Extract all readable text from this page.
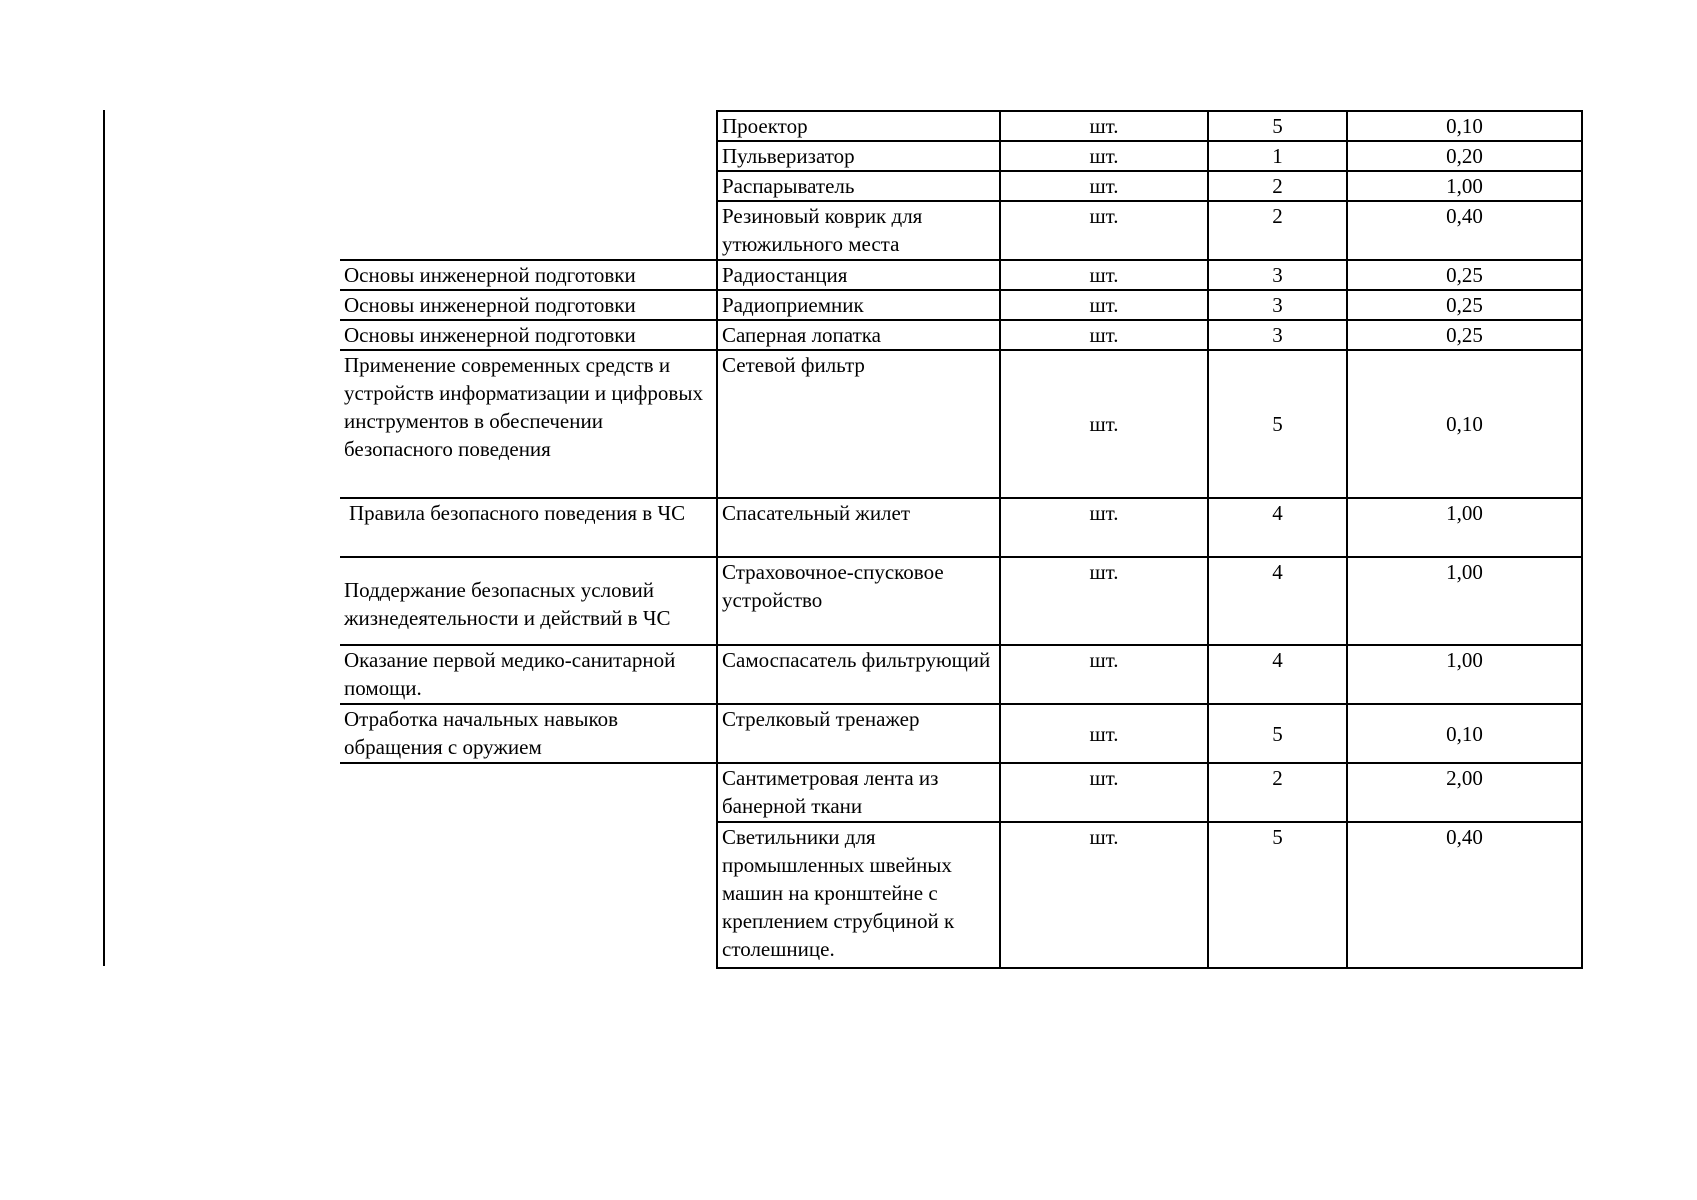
	Проектор	шт.	5	0,10
	Пульверизатор	шт.	1	0,20
	Распарыватель	шт.	2	1,00
	Резиновый коврик для утюжильного места	шт.	2	0,40
Основы инженерной подготовки	Радиостанция	шт.	3	0,25
Основы инженерной подготовки	Радиоприемник	шт.	3	0,25
Основы инженерной подготовки	Саперная лопатка	шт.	3	0,25
Применение современных средств и устройств информатизации и цифровых инструментов в обеспечении безопасного поведения	Сетевой фильтр	шт.	5	0,10
Правила безопасного поведения в ЧС	Спасательный жилет	шт.	4	1,00
Поддержание безопасных условий жизнедеятельности и действий в ЧС	Страховочное-спусковое устройство	шт.	4	1,00
Оказание первой медико-санитарной помощи.	Самоспасатель фильтрующий	шт.	4	1,00
Отработка начальных навыков обращения с оружием	Стрелковый тренажер	шт.	5	0,10
	Сантиметровая лента из банерной ткани	шт.	2	2,00
	Светильники для промышленных швейных машин на кронштейне с креплением струбциной к столешнице.	шт.	5	0,40
